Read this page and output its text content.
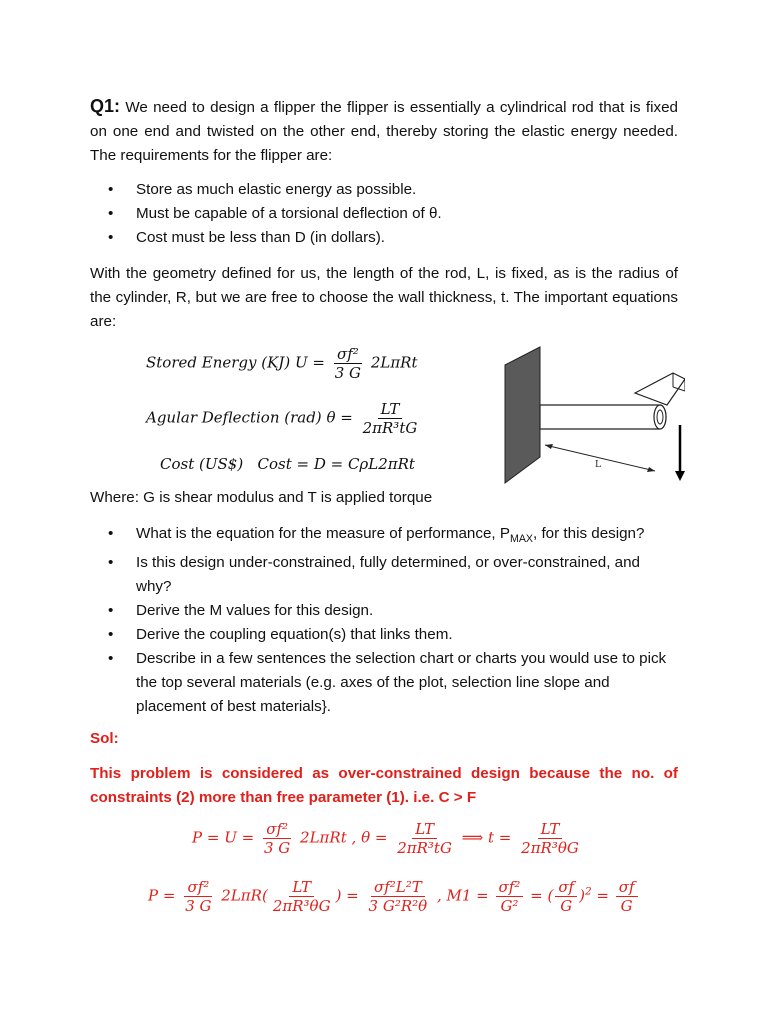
Q1: We need to design a flipper the flipper is essentially a cylindrical rod that is fixed on one end and twisted on the other end, thereby storing the elastic energy needed. The requirements for the flipper are:
• Store as much elastic energy as possible.
• Must be capable of a torsional deflection of θ.
• Cost must be less than D (in dollars).
With the geometry defined for us, the length of the rod, L, is fixed, as is the radius of the cylinder, R, but we are free to choose the wall thickness, t. The important equations are:
Stored Energy (KJ) $U = \frac{\text{σf²}}{3 G} 2L\pi Rt$
Agular Deflection (rad) $\theta = \frac{LT}{\text{2πR³tG}}$
Cost (US$) Cost = D = CρL2πRt	L
Where: G is shear modulus and T is applied torque
• What is the equation for the measure of performance, $P_{MAX}$, for this design?
• Is this design under-constrained, fully determined, or over-constrained, and why?
• Derive the M values for this design.
• Derive the coupling equation(s) that links them.
• Describe in a few sentences the selection chart or charts you would use to pick the top several materials (e.g. axes of the plot, selection line slope and placement of best materials}.
Sol:
This problem is considered as over-constrained design because the no. of constraints (2) more than free parameter (1). i.e. C > F
$P = U = \frac{\text{σf²}}{3 G} 2L\pi Rt$ , $\theta = \frac{LT}{\text{2πR³tG}}$ ⟹ $t = \frac{LT}{\text{2πR³θG}}$
$P = \frac{\text{σf²}}{3 G} 2L\pi R( \frac{LT}{\text{2πR³θG}}$ ) = $\frac{\text{σf²L²T}}{\text{3 G²R²θ}}$ , $M1 = \frac{\text{σf²}}{\text{G²}}$ = ( $\frac{\sigma f}{G} )^2 = \frac{\sigma f}{G}$
